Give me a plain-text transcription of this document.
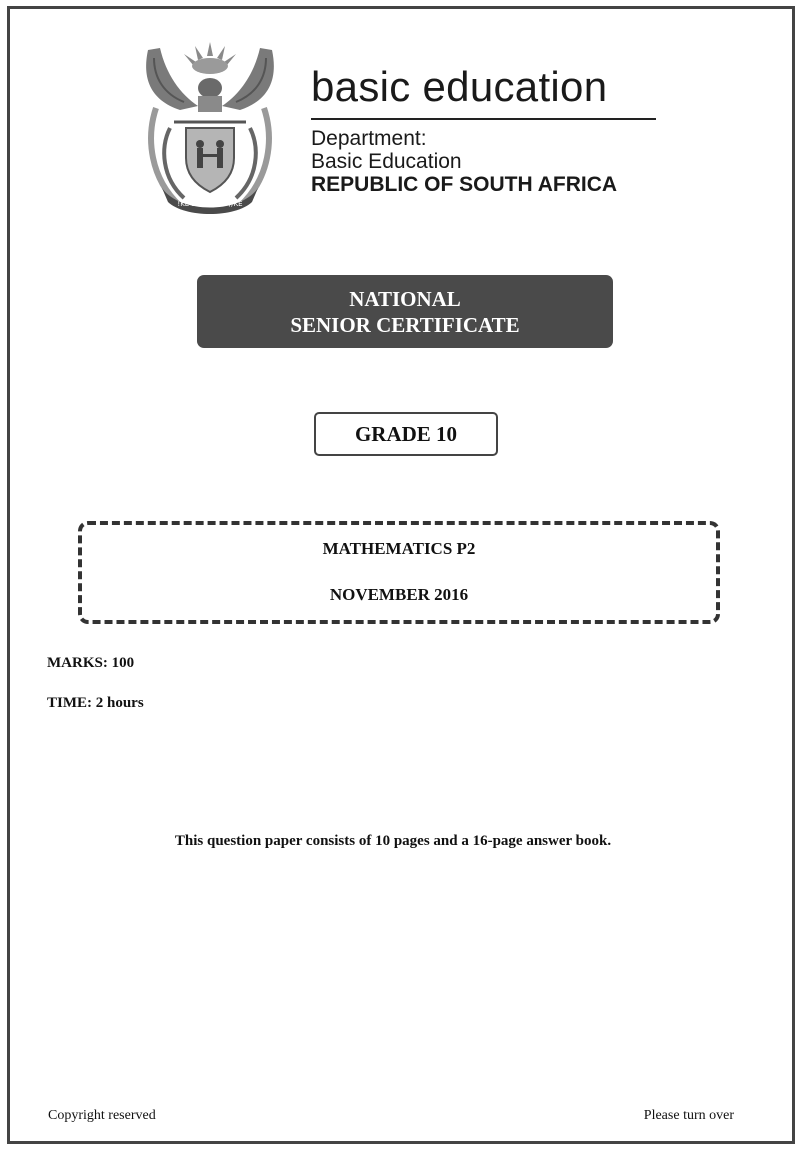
!KE E: /XARRA //KE
basic education
Department:
Basic Education
REPUBLIC OF SOUTH AFRICA
NATIONAL
SENIOR CERTIFICATE
GRADE 10
MATHEMATICS P2
NOVEMBER 2016
MARKS: 100
TIME: 2 hours
This question paper consists of 10 pages and a 16-page answer book.
Copyright reserved	Please turn over
